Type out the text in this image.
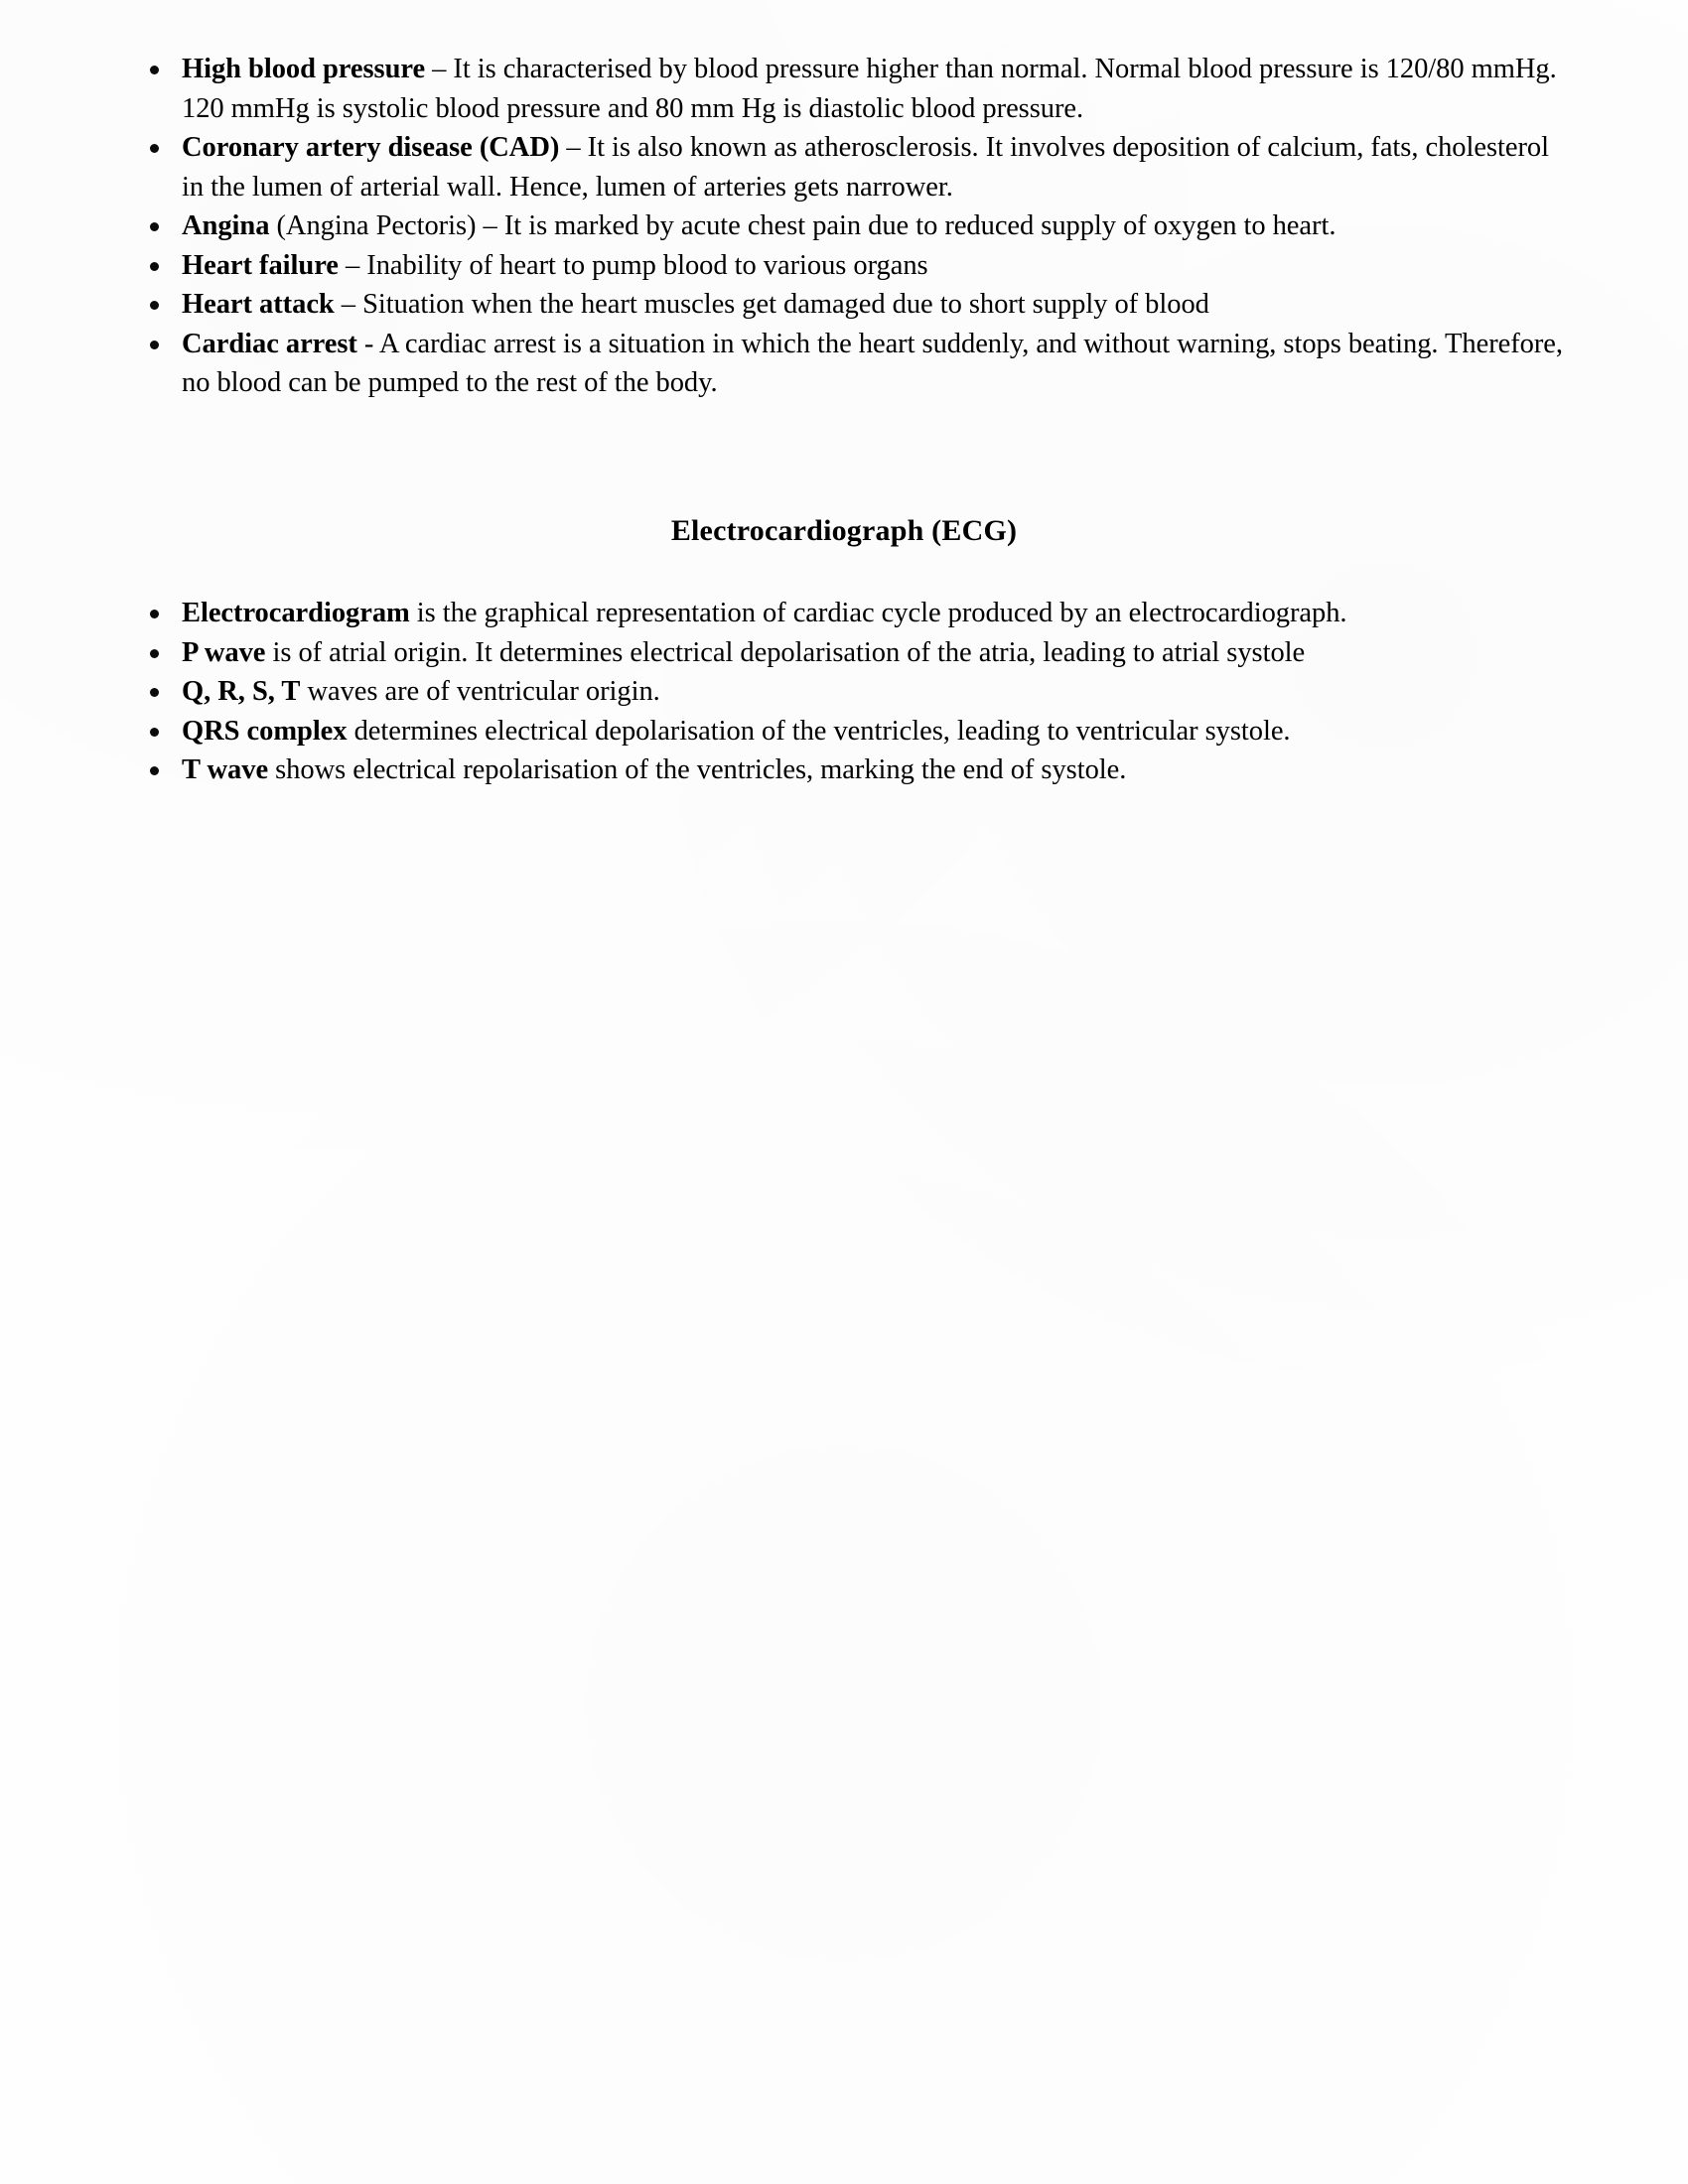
High blood pressure – It is characterised by blood pressure higher than normal. Normal blood pressure is 120/80 mmHg. 120 mmHg is systolic blood pressure and 80 mm Hg is diastolic blood pressure.
Coronary artery disease (CAD) – It is also known as atherosclerosis. It involves deposition of calcium, fats, cholesterol in the lumen of arterial wall. Hence, lumen of arteries gets narrower.
Angina (Angina Pectoris) – It is marked by acute chest pain due to reduced supply of oxygen to heart.
Heart failure – Inability of heart to pump blood to various organs
Heart attack – Situation when the heart muscles get damaged due to short supply of blood
Cardiac arrest - A cardiac arrest is a situation in which the heart suddenly, and without warning, stops beating. Therefore, no blood can be pumped to the rest of the body.
Electrocardiograph (ECG)
Electrocardiogram is the graphical representation of cardiac cycle produced by an electrocardiograph.
P wave is of atrial origin. It determines electrical depolarisation of the atria, leading to atrial systole
Q, R, S, T waves are of ventricular origin.
QRS complex determines electrical depolarisation of the ventricles, leading to ventricular systole.
T wave shows electrical repolarisation of the ventricles, marking the end of systole.
